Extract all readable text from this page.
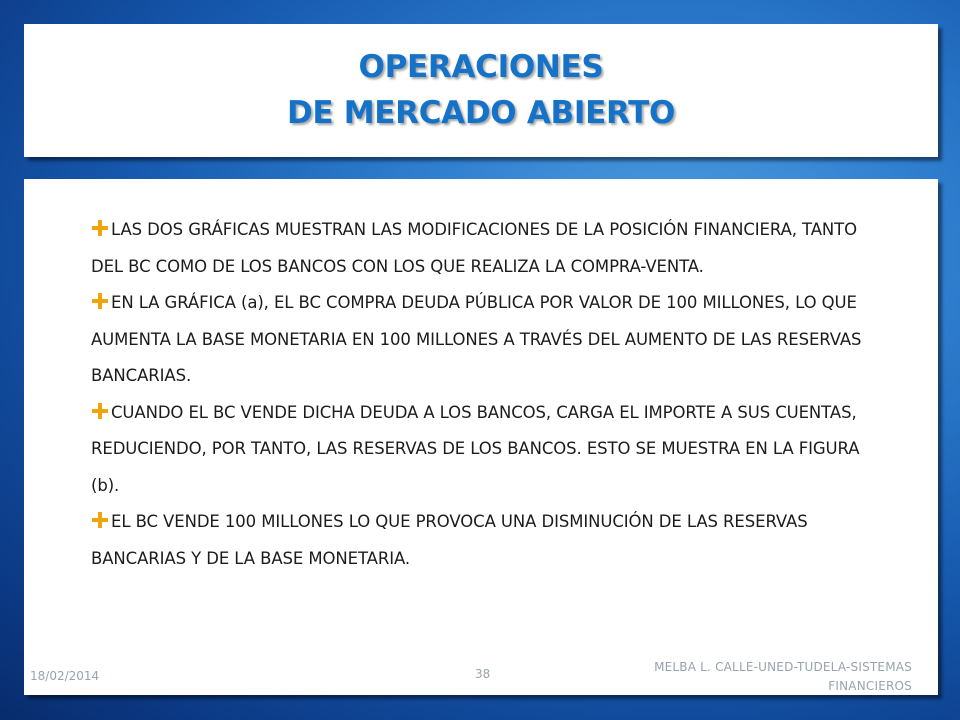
OPERACIONES
DE MERCADO ABIERTO
LAS DOS GRÁFICAS MUESTRAN LAS MODIFICACIONES DE LA POSICIÓN FINANCIERA, TANTO DEL BC COMO DE LOS BANCOS CON LOS QUE REALIZA LA COMPRA-VENTA.
EN LA GRÁFICA (a), EL BC COMPRA DEUDA PÚBLICA POR VALOR DE 100 MILLONES, LO QUE AUMENTA LA BASE MONETARIA EN 100 MILLONES A TRAVÉS DEL AUMENTO DE LAS RESERVAS BANCARIAS.
CUANDO EL BC VENDE DICHA DEUDA A LOS BANCOS, CARGA EL IMPORTE A SUS CUENTAS, REDUCIENDO, POR TANTO, LAS RESERVAS DE LOS BANCOS. ESTO SE MUESTRA EN LA FIGURA (b).
EL BC VENDE 100 MILLONES LO QUE PROVOCA UNA DISMINUCIÓN DE LAS RESERVAS BANCARIAS Y DE LA BASE MONETARIA.
18/02/2014	38	MELBA L. CALLE-UNED-TUDELA-SISTEMAS
FINANCIEROS
